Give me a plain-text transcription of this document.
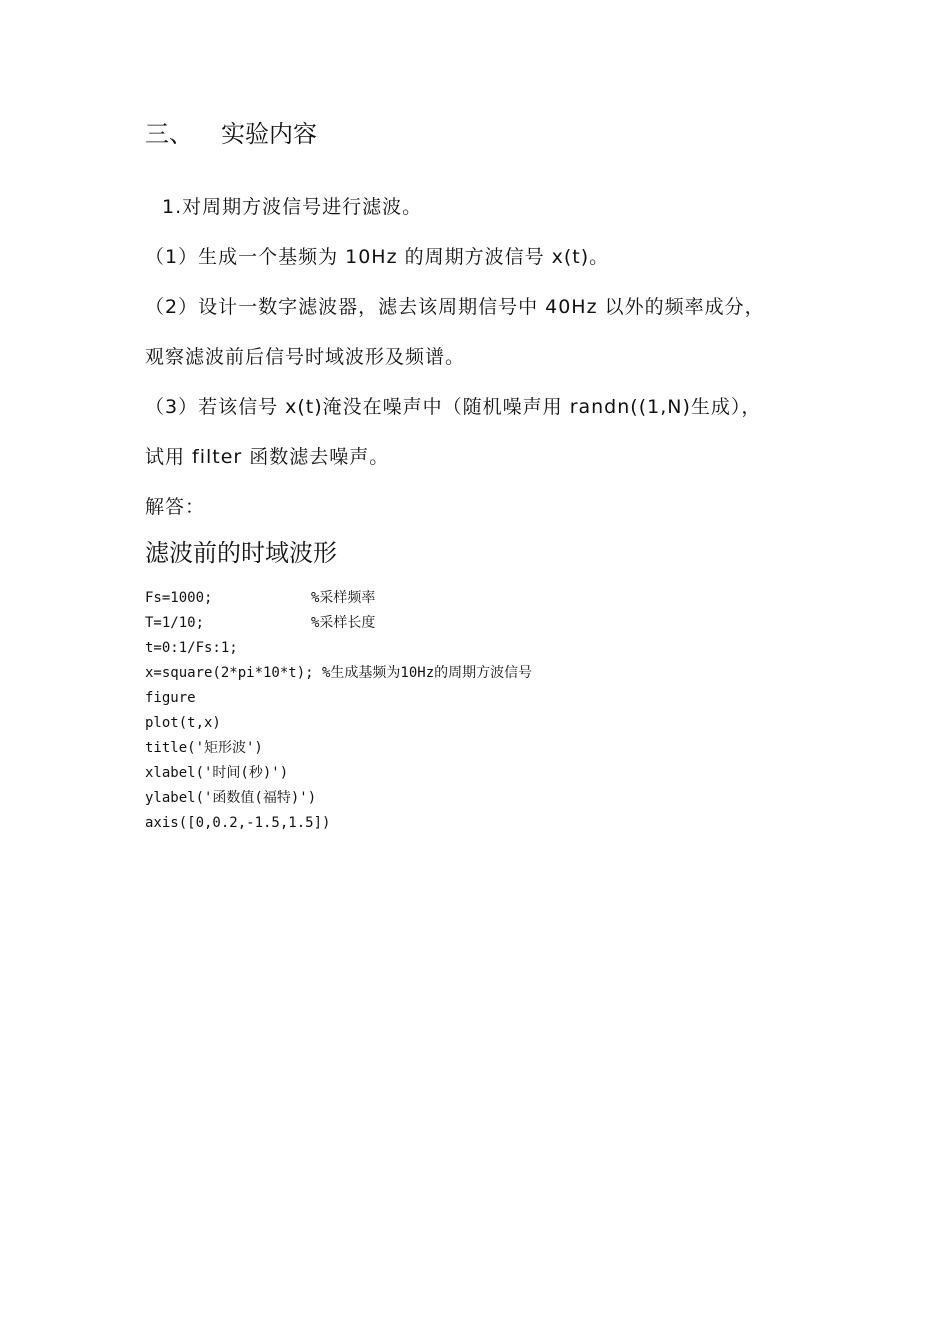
三、 实验内容
1.对周期方波信号进行滤波。
（1）生成一个基频为 10Hz 的周期方波信号 x(t)。
（2）设计一数字滤波器，滤去该周期信号中 40Hz 以外的频率成分，
观察滤波前后信号时域波形及频谱。
（3）若该信号 x(t)淹没在噪声中（随机噪声用 randn((1,N)生成），
试用 filter 函数滤去噪声。
解答：
滤波前的时域波形
Fs=1000;	%采样频率
T=1/10;	%采样长度
t=0:1/Fs:1;
x=square(2*pi*10*t); %生成基频为10Hz的周期方波信号
figure
plot(t,x)
title('矩形波')
xlabel('时间(秒)')
ylabel('函数值(福特)')
axis([0,0.2,-1.5,1.5])
